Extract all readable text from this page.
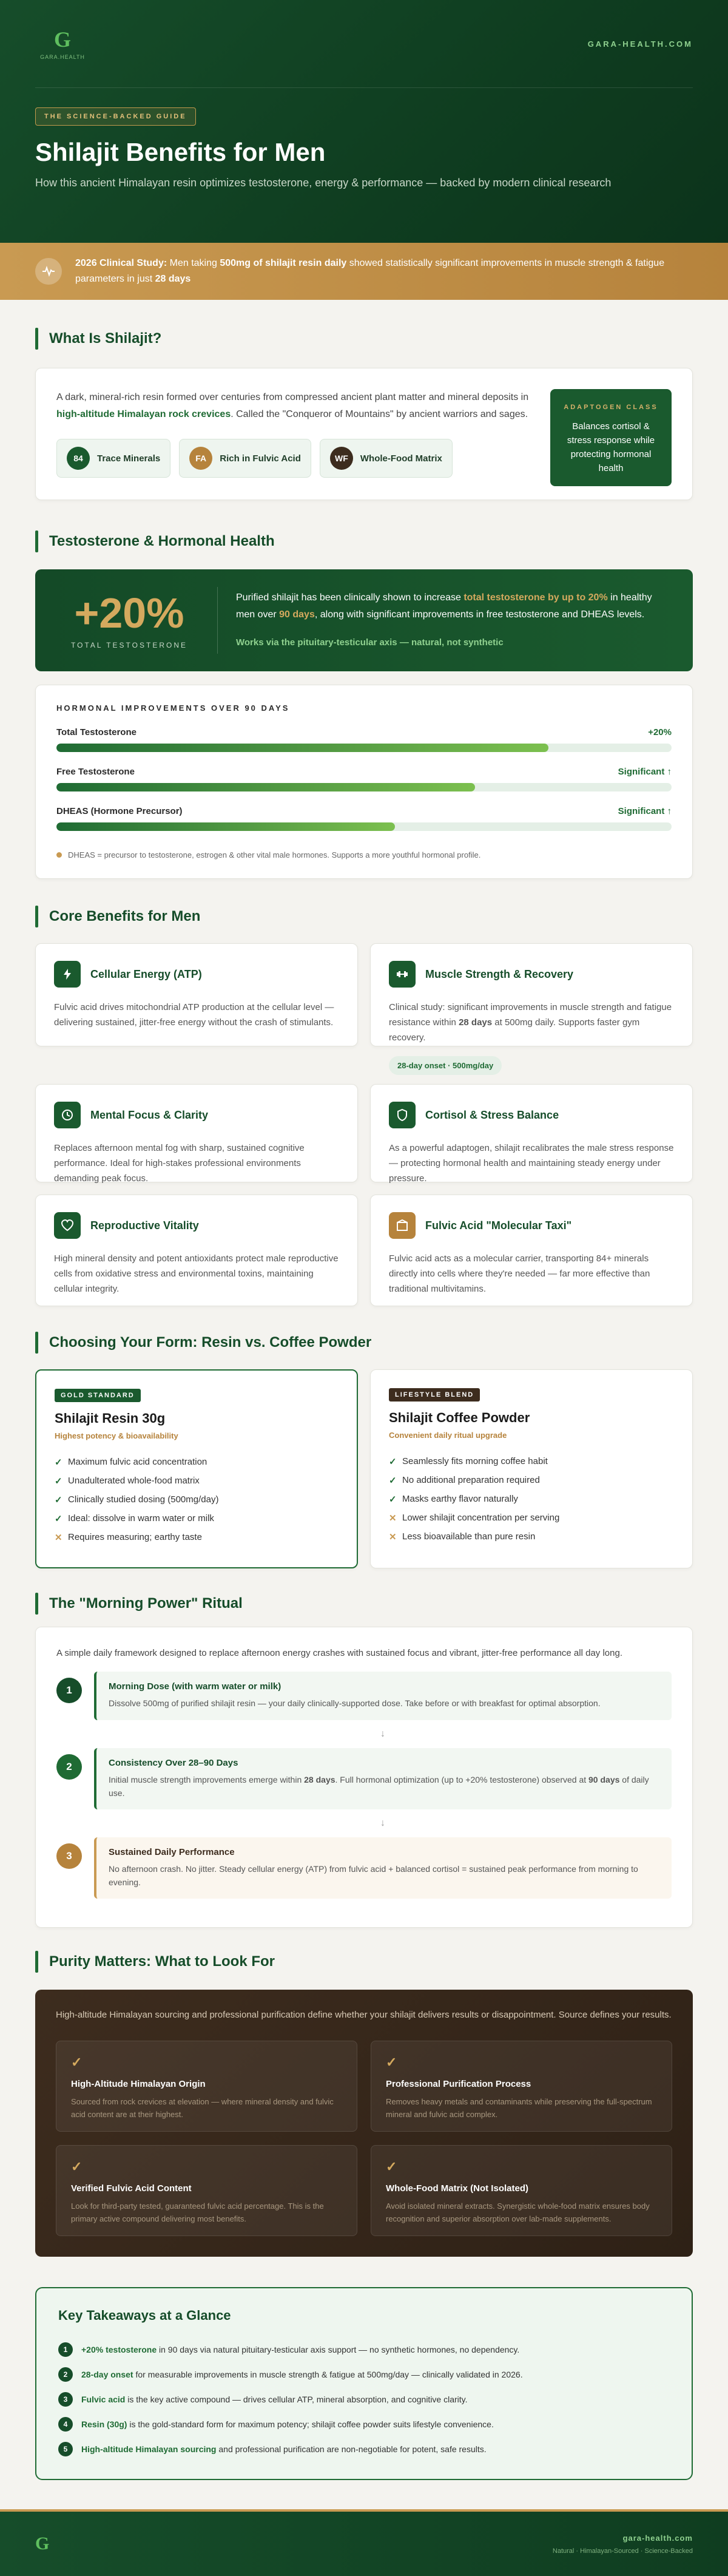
G
GARA.HEALTH
GARA-HEALTH.COM
THE SCIENCE-BACKED GUIDE
Shilajit Benefits for Men

How this ancient Himalayan resin optimizes testosterone, energy & performance — backed by modern clinical research

2026 Clinical Study: Men taking 500mg of shilajit resin daily showed statistically significant improvements in muscle strength & fatigue parameters in just 28 days
What Is Shilajit?

A dark, mineral-rich resin formed over centuries from compressed ancient plant matter and mineral deposits in high-altitude Himalayan rock crevices. Called the "Conqueror of Mountains" by ancient warriors and sages.

84	Trace Minerals	FA	Rich in Fulvic Acid	WF	Whole-Food Matrix
ADAPTOGEN CLASS
Balances cortisol & stress response while protecting hormonal health
Testosterone & Hormonal Health
+20%
TOTAL TESTOSTERONE
Purified shilajit has been clinically shown to increase total testosterone by up to 20% in healthy men over 90 days, along with significant improvements in free testosterone and DHEAS levels.
Works via the pituitary-testicular axis — natural, not synthetic
HORMONAL IMPROVEMENTS OVER 90 DAYS
Total Testosterone	+20%
Free Testosterone	Significant ↑
DHEAS (Hormone Precursor)	Significant ↑
DHEAS = precursor to testosterone, estrogen & other vital male hormones. Supports a more youthful hormonal profile.
Core Benefits for Men
Cellular Energy (ATP)
Fulvic acid drives mitochondrial ATP production at the cellular level — delivering sustained, jitter-free energy without the crash of stimulants.
Muscle Strength & Recovery
Clinical study: significant improvements in muscle strength and fatigue resistance within 28 days at 500mg daily. Supports faster gym recovery.
28-day onset · 500mg/day
Mental Focus & Clarity
Replaces afternoon mental fog with sharp, sustained cognitive performance. Ideal for high-stakes professional environments demanding peak focus.
Cortisol & Stress Balance
As a powerful adaptogen, shilajit recalibrates the male stress response — protecting hormonal health and maintaining steady energy under pressure.
Reproductive Vitality
High mineral density and potent antioxidants protect male reproductive cells from oxidative stress and environmental toxins, maintaining cellular integrity.
Fulvic Acid "Molecular Taxi"
Fulvic acid acts as a molecular carrier, transporting 84+ minerals directly into cells where they're needed — far more effective than traditional multivitamins.
Choosing Your Form: Resin vs. Coffee Powder
GOLD STANDARD
Shilajit Resin 30g
Highest potency & bioavailability
✓ Maximum fulvic acid concentration
✓ Unadulterated whole-food matrix
✓ Clinically studied dosing (500mg/day)
✓ Ideal: dissolve in warm water or milk
✕ Requires measuring; earthy taste
LIFESTYLE BLEND
Shilajit Coffee Powder
Convenient daily ritual upgrade
✓ Seamlessly fits morning coffee habit
✓ No additional preparation required
✓ Masks earthy flavor naturally
✕ Lower shilajit concentration per serving
✕ Less bioavailable than pure resin
The "Morning Power" Ritual

A simple daily framework designed to replace afternoon energy crashes with sustained focus and vibrant, jitter-free performance all day long.

1	Morning Dose (with warm water or milk)
Dissolve 500mg of purified shilajit resin — your daily clinically-supported dose. Take before or with breakfast for optimal absorption.
↓
2	Consistency Over 28–90 Days
Initial muscle strength improvements emerge within 28 days. Full hormonal optimization (up to +20% testosterone) observed at 90 days of daily use.
↓
3	Sustained Daily Performance
No afternoon crash. No jitter. Steady cellular energy (ATP) from fulvic acid + balanced cortisol = sustained peak performance from morning to evening.
Purity Matters: What to Look For

High-altitude Himalayan sourcing and professional purification define whether your shilajit delivers results or disappointment. Source defines your results.

✓
High-Altitude Himalayan Origin
Sourced from rock crevices at elevation — where mineral density and fulvic acid content are at their highest.
✓
Professional Purification Process
Removes heavy metals and contaminants while preserving the full-spectrum mineral and fulvic acid complex.
✓
Verified Fulvic Acid Content
Look for third-party tested, guaranteed fulvic acid percentage. This is the primary active compound delivering most benefits.
✓
Whole-Food Matrix (Not Isolated)
Avoid isolated mineral extracts. Synergistic whole-food matrix ensures body recognition and superior absorption over lab-made supplements.
Key Takeaways at a Glance
1	+20% testosterone in 90 days via natural pituitary-testicular axis support — no synthetic hormones, no dependency.
2	28-day onset for measurable improvements in muscle strength & fatigue at 500mg/day — clinically validated in 2026.
3	Fulvic acid is the key active compound — drives cellular ATP, mineral absorption, and cognitive clarity.
4	Resin (30g) is the gold-standard form for maximum potency; shilajit coffee powder suits lifestyle convenience.
5	High-altitude Himalayan sourcing and professional purification are non-negotiable for potent, safe results.
G	gara-health.com
Natural · Himalayan-Sourced · Science-Backed
